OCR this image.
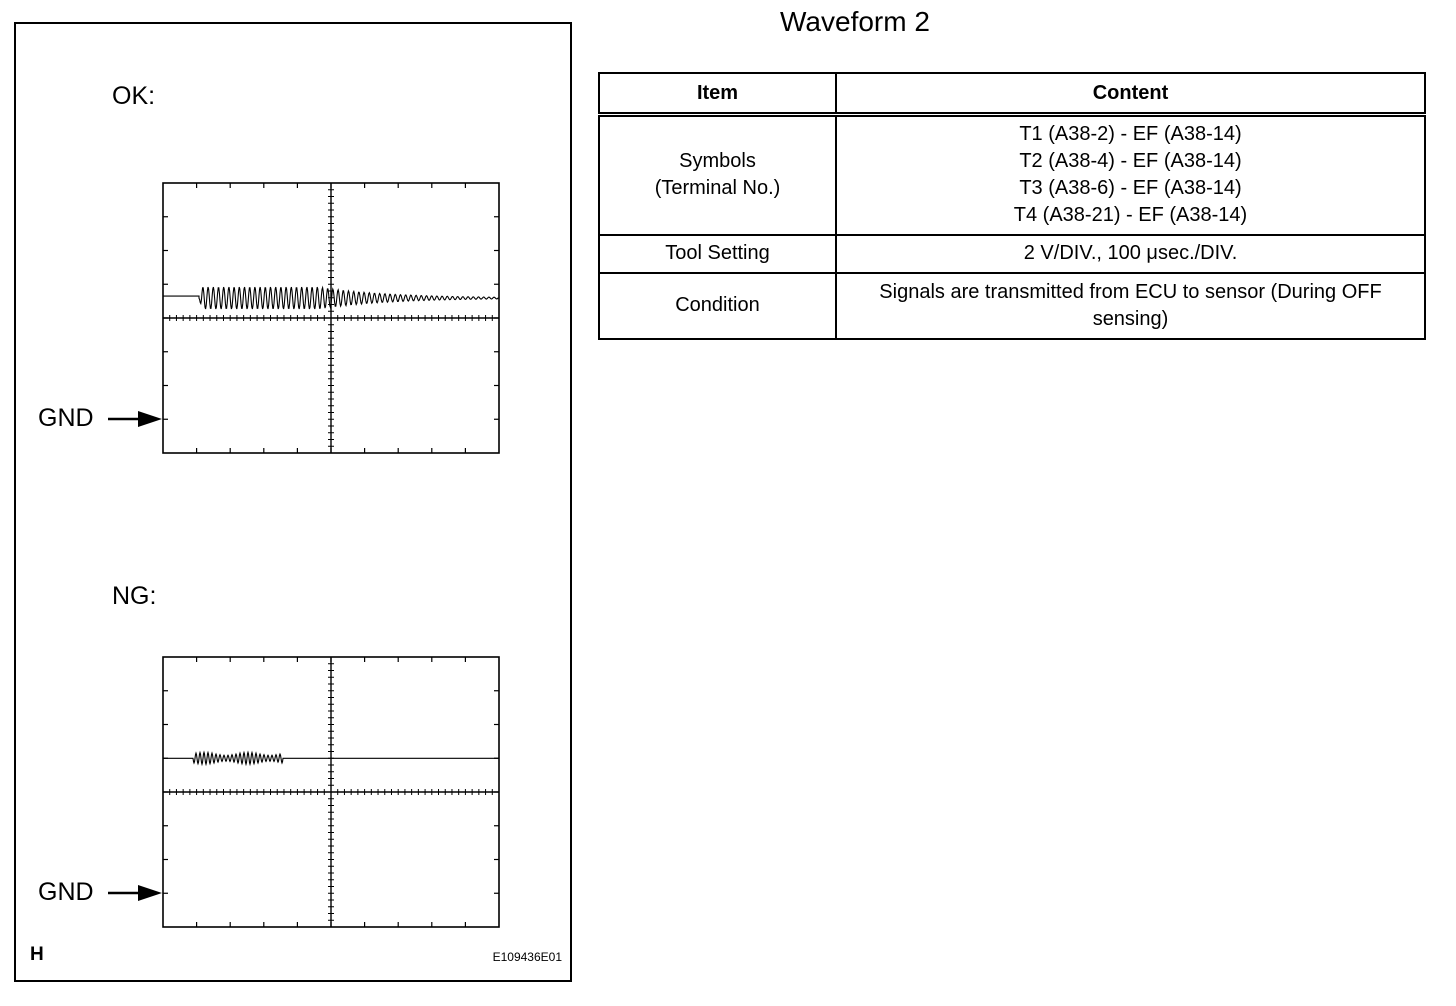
Waveform 2
OK:
GND
NG:
GND
H	E109436E01
Item	Content

Symbols
(Terminal No.)	T1 (A38-2) - EF (A38-14)
T2 (A38-4) - EF (A38-14)
T3 (A38-6) - EF (A38-14)
T4 (A38-21) - EF (A38-14)

Tool Setting	2 V/DIV., 100 μsec./DIV.

Condition	Signals are transmitted from ECU to sensor (During OFF
sensing)
